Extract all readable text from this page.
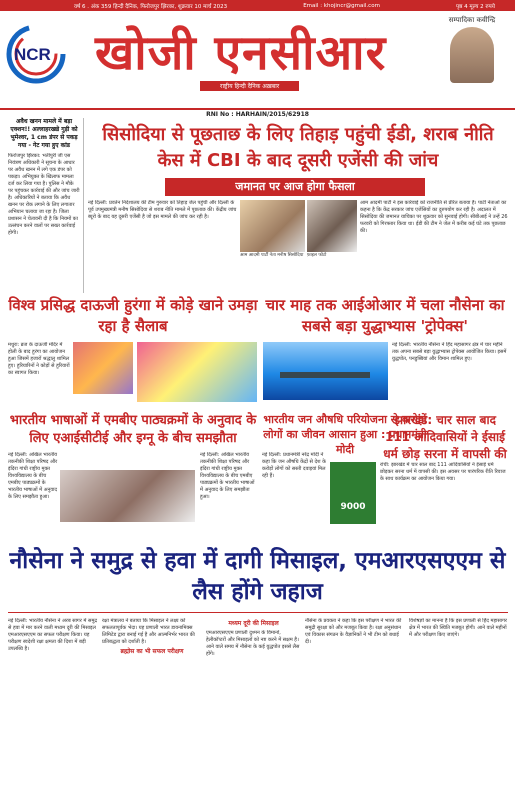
वर्ष 6 . अंक 359 हिन्दी दैनिक, फिरोजपुर झिरका, शुक्रवार 10 मार्च 2023	Email : khojincr@gmail.com	पृष्ठ 4 मूल्य 2 रुपये
NCR खोजी एनसीआर
राष्ट्रीय हिन्दी दैनिक अख़बार
सम्पादिका कवीन्द्रि
RNI No : HARHAIN/2015/62918
अवैध खनन मामले में बड़ा एक्शन!! अल्लाहरख्खे गुड़ी को भुमेश्वर, 1 cm डंपर से पकड़ गया - गेट गया हुए कांड
फिरोजपुर झिरका: भतीपुरी जी एस नियंत्रण अधिकारी ने सूचना के आधार पर अवैध खनन में लगे एक डंपर को पकड़ा। अभियुक्त के खिलाफ मामला दर्ज कर लिया गया है। पुलिस ने मौके पर पहुंचकर कार्रवाई की और जांच जारी है। अधिकारियों ने बताया कि अवैध खनन पर रोक लगाने के लिए लगातार अभियान चलाया जा रहा है। जिला प्रशासन ने चेतावनी दी है कि नियमों का उल्लंघन करने वालों पर सख्त कार्रवाई होगी।
सिसोदिया से पूछताछ के लिए तिहाड़ पहुंची ईडी, शराब नीति केस में CBI के बाद दूसरी एजेंसी की जांच
जमानत पर आज होगा फैसला
नई दिल्ली: प्रवर्तन निदेशालय की टीम गुरुवार को तिहाड़ जेल पहुंची और दिल्ली के पूर्व उपमुख्यमंत्री मनीष सिसोदिया से शराब नीति मामले में पूछताछ की। केंद्रीय जांच ब्यूरो के बाद यह दूसरी एजेंसी है जो इस मामले की जांच कर रही है।
आम आदमी पार्टी नेता मनीष सिसोदिया फ़ाइल फोटो
आम आदमी पार्टी ने इस कार्रवाई को राजनीति से प्रेरित बताया है। पार्टी नेताओं का कहना है कि केंद्र सरकार जांच एजेंसियों का दुरुपयोग कर रही है। अदालत में सिसोदिया की जमानत याचिका पर शुक्रवार को सुनवाई होगी। सीबीआई ने उन्हें 26 फरवरी को गिरफ्तार किया था। ईडी की टीम ने जेल में करीब कई घंटे तक पूछताछ की।
विश्व प्रसिद्ध दाऊजी हुरंगा में कोड़े खाने उमड़ा रहा है सैलाब
चार माह तक आईओआर में चला नौसेना का सबसे बड़ा युद्धाभ्यास 'ट्रोपेक्स'
मथुरा: ब्रज के दाऊजी मंदिर में होली के बाद हुरंगा का आयोजन हुआ जिसमें हजारों श्रद्धालु शामिल हुए। हुरियारिनों ने कोड़ों से हुरियारों का स्वागत किया।
नई दिल्ली: भारतीय नौसेना ने हिंद महासागर क्षेत्र में चार महीने तक अपना सबसे बड़ा युद्धाभ्यास ट्रोपेक्स आयोजित किया। इसमें युद्धपोत, पनडुब्बियां और विमान शामिल हुए।
भारतीय भाषाओं में एमबीए पाठ्यक्रमों के अनुवाद के लिए एआईसीटीई और इग्नू के बीच समझौता
भारतीय जन औषधि परियोजना से करोड़ों लोगों का जीवन आसान हुआ : प्रधानमंत्री मोदी
झारखंड: चार साल बाद 111 आदिवासियों ने ईसाई धर्म छोड़ सरना में वापसी की
नई दिल्ली: अखिल भारतीय तकनीकी शिक्षा परिषद और इंदिरा गांधी राष्ट्रीय मुक्त विश्वविद्यालय के बीच एमबीए पाठ्यक्रमों के भारतीय भाषाओं में अनुवाद के लिए समझौता हुआ।
नई दिल्ली: अखिल भारतीय तकनीकी शिक्षा परिषद और इंदिरा गांधी राष्ट्रीय मुक्त विश्वविद्यालय के बीच एमबीए पाठ्यक्रमों के भारतीय भाषाओं में अनुवाद के लिए समझौता हुआ।
नई दिल्ली: प्रधानमंत्री नरेंद्र मोदी ने कहा कि जन औषधि केंद्रों से देश के करोड़ों लोगों को सस्ती दवाइयां मिल रही हैं।
9000
रांची: झारखंड में चार साल बाद 111 आदिवासियों ने ईसाई धर्म छोड़कर सरना धर्म में वापसी की। इस अवसर पर पारंपरिक रीति रिवाज के साथ कार्यक्रम का आयोजन किया गया।
नौसेना ने समुद्र से हवा में दागी मिसाइल, एमआरएसएएम से लैस होंगे जहाज
नई दिल्ली: भारतीय नौसेना ने अरब सागर में समुद्र से हवा में मार करने वाली मध्यम दूरी की मिसाइल एमआरएसएएम का सफल परीक्षण किया। यह परीक्षण स्वदेशी रक्षा क्षमता की दिशा में बड़ी उपलब्धि है।
रक्षा मंत्रालय ने बताया कि मिसाइल ने लक्ष्य को सफलतापूर्वक भेदा। यह प्रणाली भारत डायनामिक्स लिमिटेड द्वारा बनाई गई है और आत्मनिर्भर भारत की प्रतिबद्धता को दर्शाती है।
ब्रह्मोस का भी सफल परीक्षण
मध्यम दूरी की मिसाइल
एमआरएसएएम प्रणाली दुश्मन के विमानों, हेलीकॉप्टरों और मिसाइलों को नष्ट करने में सक्षम है। आने वाले समय में नौसेना के कई युद्धपोत इससे लैस होंगे।
नौसेना के प्रवक्ता ने कहा कि इस परीक्षण ने भारत की समुद्री सुरक्षा को और मजबूत किया है। रक्षा अनुसंधान एवं विकास संगठन के वैज्ञानिकों ने भी टीम को बधाई दी।
विशेषज्ञों का मानना है कि इस प्रणाली से हिंद महासागर क्षेत्र में भारत की स्थिति मजबूत होगी। आने वाले महीनों में और परीक्षण किए जाएंगे।
